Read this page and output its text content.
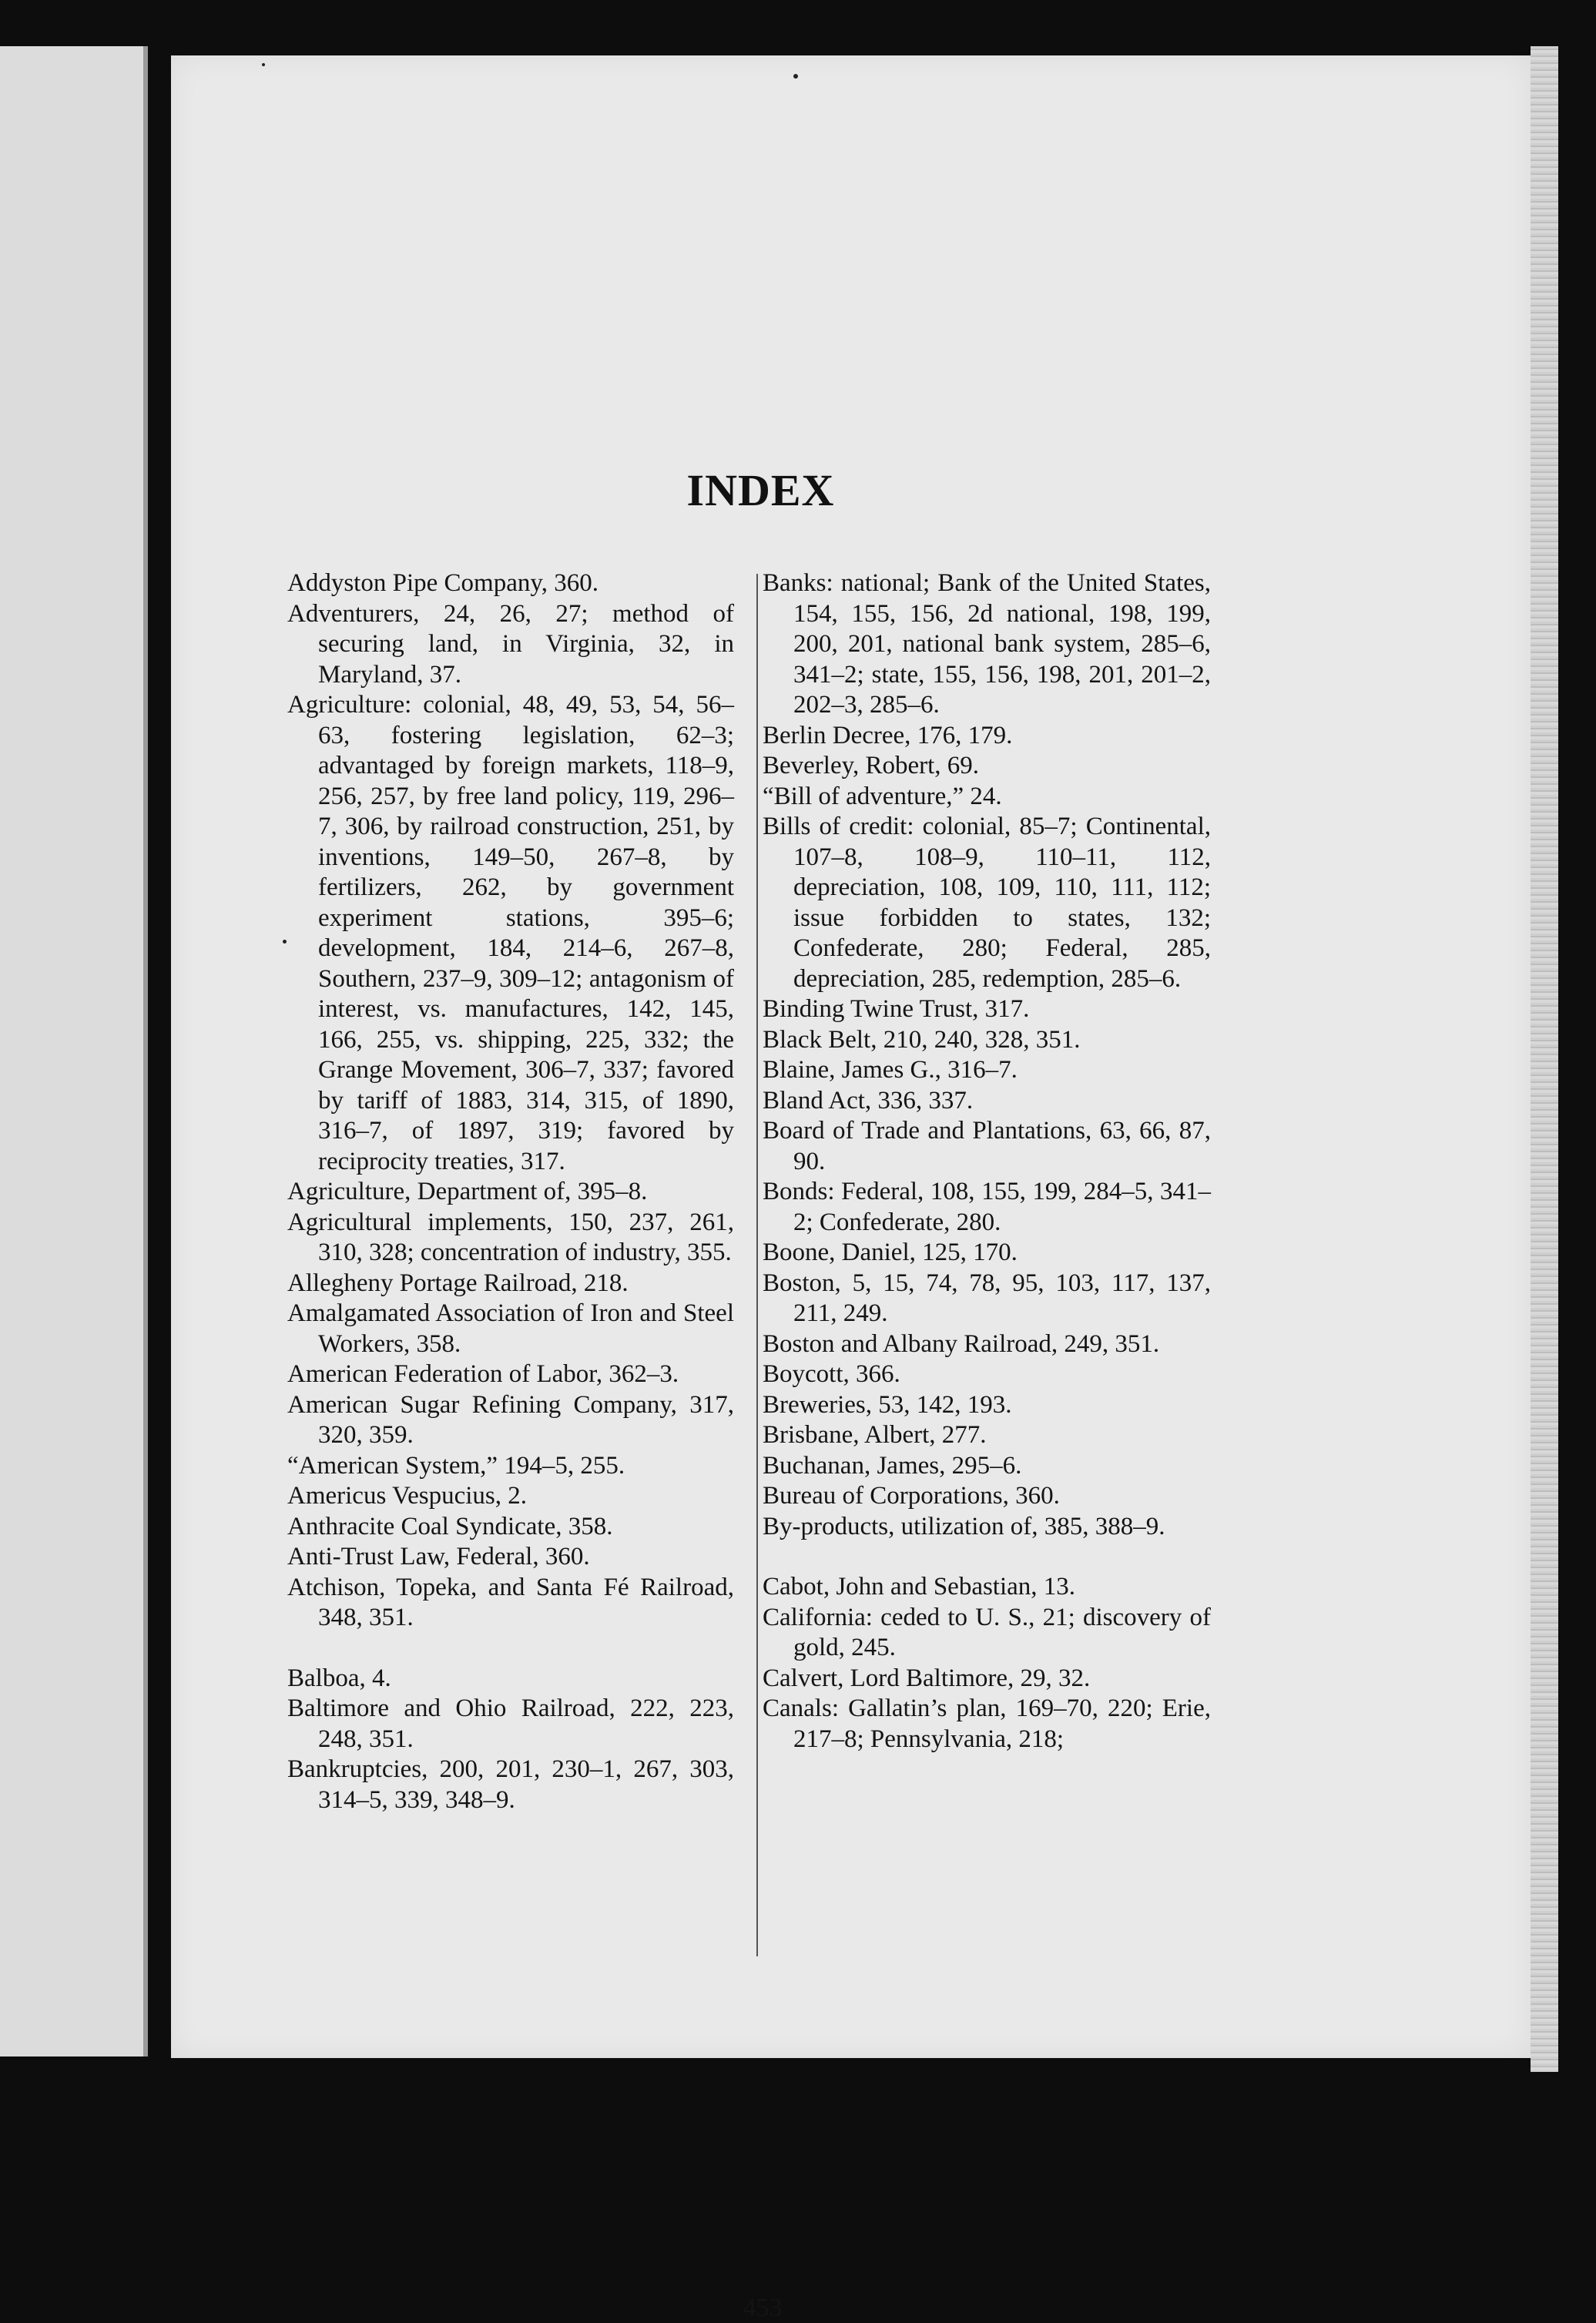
INDEX

Addyston Pipe Company, 360.

Adventurers, 24, 26, 27; method of securing land, in Virginia, 32, in Maryland, 37.

Agriculture: colonial, 48, 49, 53, 54, 56–63, fostering legislation, 62–3; advantaged by foreign markets, 118–9, 256, 257, by free land policy, 119, 296–7, 306, by railroad construction, 251, by inventions, 149–50, 267–8, by fertilizers, 262, by government experiment stations, 395–6; development, 184, 214–6, 267–8, Southern, 237–9, 309–12; antagonism of interest, vs. manufactures, 142, 145, 166, 255, vs. shipping, 225, 332; the Grange Movement, 306–7, 337; favored by tariff of 1883, 314, 315, of 1890, 316–7, of 1897, 319; favored by reciprocity treaties, 317.

Agriculture, Department of, 395–8.

Agricultural implements, 150, 237, 261, 310, 328; concentration of industry, 355.

Allegheny Portage Railroad, 218.

Amalgamated Association of Iron and Steel Workers, 358.

American Federation of Labor, 362–3.

American Sugar Refining Company, 317, 320, 359.

“American System,” 194–5, 255.

Americus Vespucius, 2.

Anthracite Coal Syndicate, 358.

Anti-Trust Law, Federal, 360.

Atchison, Topeka, and Santa Fé Railroad, 348, 351.

Balboa, 4.

Baltimore and Ohio Railroad, 222, 223, 248, 351.

Bankruptcies, 200, 201, 230–1, 267, 303, 314–5, 339, 348–9.

Banks: national; Bank of the United States, 154, 155, 156, 2d national, 198, 199, 200, 201, national bank system, 285–6, 341–2; state, 155, 156, 198, 201, 201–2, 202–3, 285–6.

Berlin Decree, 176, 179.

Beverley, Robert, 69.

“Bill of adventure,” 24.

Bills of credit: colonial, 85–7; Continental, 107–8, 108–9, 110–11, 112, depreciation, 108, 109, 110, 111, 112; issue forbidden to states, 132; Confederate, 280; Federal, 285, depreciation, 285, redemption, 285–6.

Binding Twine Trust, 317.

Black Belt, 210, 240, 328, 351.

Blaine, James G., 316–7.

Bland Act, 336, 337.

Board of Trade and Plantations, 63, 66, 87, 90.

Bonds: Federal, 108, 155, 199, 284–5, 341–2; Confederate, 280.

Boone, Daniel, 125, 170.

Boston, 5, 15, 74, 78, 95, 103, 117, 137, 211, 249.

Boston and Albany Railroad, 249, 351.

Boycott, 366.

Breweries, 53, 142, 193.

Brisbane, Albert, 277.

Buchanan, James, 295–6.

Bureau of Corporations, 360.

By-products, utilization of, 385, 388–9.

Cabot, John and Sebastian, 13.

California: ceded to U. S., 21; discovery of gold, 245.

Calvert, Lord Baltimore, 29, 32.

Canals: Gallatin’s plan, 169–70, 220; Erie, 217–8; Pennsylvania, 218;

453
